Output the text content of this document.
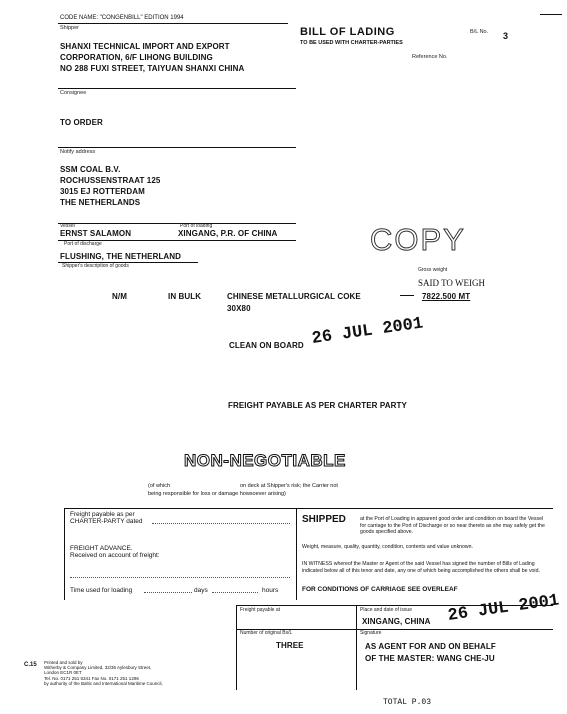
CODE NAME: "CONGENBILL" EDITION 1994
Shipper	BILL OF LADING
TO BE USED WITH CHARTER-PARTIES
B/L No. 3
Reference No.

SHANXI TECHNICAL IMPORT AND EXPORT

CORPORATION, 6/F LIHONG BUILDING

NO 288 FUXI STREET, TAIYUAN SHANXI CHINA

Consignee
TO ORDER
Notify address

SSM COAL B.V.

ROCHUSSENSTRAAT 125

3015 EJ ROTTERDAM

THE NETHERLANDS

Vessel
ERNST SALAMON
Port of loading
XINGANG, P.R. OF CHINA	COPY
Port of discharge
FLUSHING, THE NETHERLAND
Shipper's description of goods
Gross weight
SAID TO WEIGH
N/M	IN BULK	CHINESE METALLURGICAL COKE
30X80
7822.500 MT
CLEAN ON BOARD 26 JUL 2001
FREIGHT PAYABLE AS PER CHARTER PARTY
NON-NEGOTIABLE
(of which	on deck at Shipper's risk; the Carrier not
being responsible for loss or damage howsoever arising)
Freight payable as per
CHARTER-PARTY dated
FREIGHT ADVANCE.
Received on account of freight:
Time used for loading	days	hours
SHIPPED	at the Port of Loading in apparent good order and condition on board the Vessel for carriage to the Port of Discharge or so near thereto as she may safely get the goods specified above.
Weight, measure, quality, quantity, condition, contents and value unknown.
IN WITNESS whereof the Master or Agent of the said Vessel has signed the number of Bills of Lading indicated below all of this tenor and date, any one of which being accomplished the others shall be void.
FOR CONDITIONS OF CARRIAGE SEE OVERLEAF
Freight payable at	Place and date of issue
XINGANG, CHINA 26 JUL 2001
Number of original Bs/L
THREE
Signature
AS AGENT FOR AND ON BEHALF
OF THE MASTER: WANG CHE-JU
C.15 Printed and sold by
Witherby & Company Limited, 32/36 Aylesbury Street,
London EC1R 0ET
Tel. No. 0171 251 5341 Fax No. 0171 251 1296
by authority of the Baltic and International Maritime Council,
TOTAL P.03
